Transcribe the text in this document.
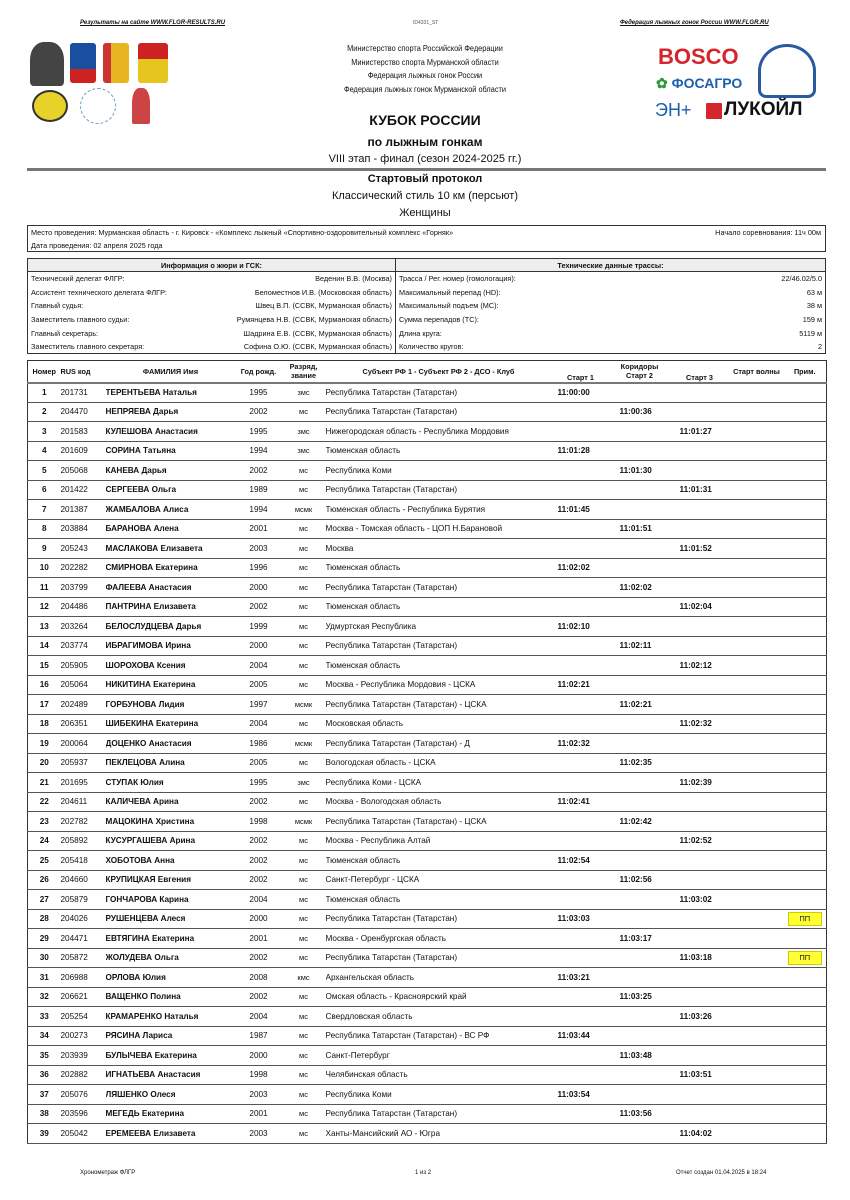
Результаты на сайте WWW.FLGR-RESULTS.RU	ID4331_ST	Федерация лыжных гонок России WWW.FLGR.RU
Министерство спорта Российской Федерации
Министерство спорта Мурманской области
Федерация лыжных гонок России
Федерация лыжных гонок Мурманской области
BOSCO
✿ ФОСАГРО
ЭН+ ЛУКОЙЛ
КУБОК РОССИИ
по лыжным гонкам
VIII этап - финал (сезон 2024-2025 гг.)
Стартовый протокол
Классический стиль 10 км (персьют)
Женщины
Место проведения: Мурманская область - г. Кировск - «Комплекс лыжный «Спортивно-оздоровительный комплекс «Горняк»	Начало соревнования: 11ч 00м
Дата проведения: 02 апреля 2025 года
Информация о жюри и ГСК:
Технический делегат ФЛГР:	Веденин В.В. (Москва)
Ассистент технического делегата ФЛГР:	Беломестнов И.В. (Московская область)
Главный судья:	Швец В.П. (ССВК, Мурманская область)
Заместитель главного судьи:	Румянцева Н.В. (ССВК, Мурманская область)
Главный секретарь:	Шадрина Е.В. (ССВК, Мурманская область)
Заместитель главного секретаря:	Софина О.Ю. (ССВК, Мурманская область)
Технические данные трассы:
Трасса / Рег. номер (гомологация):	22/46.02/5.0
Максимальный перепад (HD):	63 м
Максимальный подъем (MC):	38 м
Сумма перепадов (TC):	159 м
Длина круга:	5119 м
Количество кругов:	2
Номер	RUS код	ФАМИЛИЯ Имя	Год рожд.	Разряд, звание	Субъект РФ 1 - Субъект РФ 2 - ДСО - Клуб	Старт 1	Коридоры
Старт 2	Старт 3	Старт волны	Прим.
1	201731	ТЕРЕНТЬЕВА Наталья	1995	змс	Республика Татарстан (Татарстан)	11:00:00				
2	204470	НЕПРЯЕВА Дарья	2002	мс	Республика Татарстан (Татарстан)		11:00:36			
3	201583	КУЛЕШОВА Анастасия	1995	змс	Нижегородская область - Республика Мордовия			11:01:27		
4	201609	СОРИНА Татьяна	1994	змс	Тюменская область	11:01:28				
5	205068	КАНЕВА Дарья	2002	мс	Республика Коми		11:01:30			
6	201422	СЕРГЕЕВА Ольга	1989	мс	Республика Татарстан (Татарстан)			11:01:31		
7	201387	ЖАМБАЛОВА Алиса	1994	мсмк	Тюменская область - Республика Бурятия	11:01:45				
8	203884	БАРАНОВА Алена	2001	мс	Москва - Томская область - ЦОП Н.Барановой		11:01:51			
9	205243	МАСЛАКОВА Елизавета	2003	мс	Москва			11:01:52		
10	202282	СМИРНОВА Екатерина	1996	мс	Тюменская область	11:02:02				
11	203799	ФАЛЕЕВА Анастасия	2000	мс	Республика Татарстан (Татарстан)		11:02:02			
12	204486	ПАНТРИНА Елизавета	2002	мс	Тюменская область			11:02:04		
13	203264	БЕЛОСЛУДЦЕВА Дарья	1999	мс	Удмуртская Республика	11:02:10				
14	203774	ИБРАГИМОВА Ирина	2000	мс	Республика Татарстан (Татарстан)		11:02:11			
15	205905	ШОРОХОВА Ксения	2004	мс	Тюменская область			11:02:12		
16	205064	НИКИТИНА Екатерина	2005	мс	Москва - Республика Мордовия - ЦСКА	11:02:21				
17	202489	ГОРБУНОВА Лидия	1997	мсмк	Республика Татарстан (Татарстан) - ЦСКА		11:02:21			
18	206351	ШИБЕКИНА Екатерина	2004	мс	Московская область			11:02:32		
19	200064	ДОЦЕНКО Анастасия	1986	мсмк	Республика Татарстан (Татарстан) - Д	11:02:32				
20	205937	ПЕКЛЕЦОВА Алина	2005	мс	Вологодская область - ЦСКА		11:02:35			
21	201695	СТУПАК Юлия	1995	змс	Республика Коми - ЦСКА			11:02:39		
22	204611	КАЛИЧЕВА Арина	2002	мс	Москва - Вологодская область	11:02:41				
23	202782	МАЦОКИНА Христина	1998	мсмк	Республика Татарстан (Татарстан) - ЦСКА		11:02:42			
24	205892	КУСУРГАШЕВА Арина	2002	мс	Москва - Республика Алтай			11:02:52		
25	205418	ХОБОТОВА Анна	2002	мс	Тюменская область	11:02:54				
26	204660	КРУПИЦКАЯ Евгения	2002	мс	Санкт-Петербург - ЦСКА		11:02:56			
27	205879	ГОНЧАРОВА Карина	2004	мс	Тюменская область			11:03:02		
28	204026	РУШЕНЦЕВА Алеся	2000	мс	Республика Татарстан (Татарстан)	11:03:03				ПП
29	204471	ЕВТЯГИНА Екатерина	2001	мс	Москва - Оренбургская область		11:03:17			
30	205872	ЖОЛУДЕВА Ольга	2002	мс	Республика Татарстан (Татарстан)			11:03:18		ПП
31	206988	ОРЛОВА Юлия	2008	кмс	Архангельская область	11:03:21				
32	206621	ВАЩЕНКО Полина	2002	мс	Омская область - Красноярский край		11:03:25			
33	205254	КРАМАРЕНКО Наталья	2004	мс	Свердловская область			11:03:26		
34	200273	РЯСИНА Лариса	1987	мс	Республика Татарстан (Татарстан) - ВС РФ	11:03:44				
35	203939	БУЛЫЧЕВА Екатерина	2000	мс	Санкт-Петербург		11:03:48			
36	202882	ИГНАТЬЕВА Анастасия	1998	мс	Челябинская область			11:03:51		
37	205076	ЛЯШЕНКО Олеся	2003	мс	Республика Коми	11:03:54				
38	203596	МЕГЕДЬ Екатерина	2001	мс	Республика Татарстан (Татарстан)		11:03:56			
39	205042	ЕРЕМЕЕВА Елизавета	2003	мс	Ханты-Мансийский АО - Югра			11:04:02		
Хронометраж ФЛГР	1 из 2	Отчет создан 01.04.2025 в 18:24
